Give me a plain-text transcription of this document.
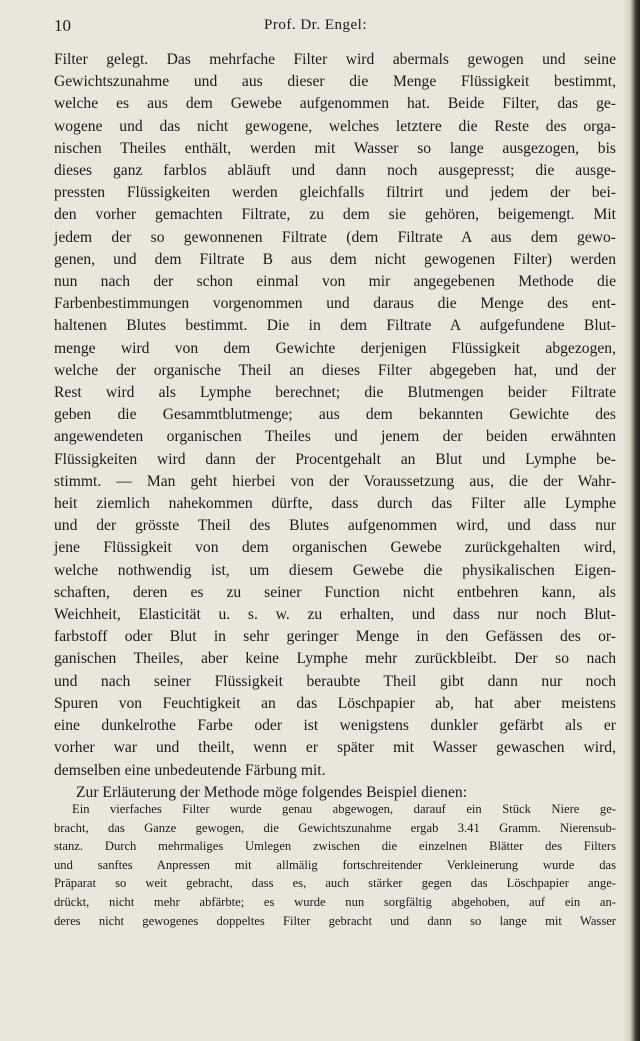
10	Prof. Dr. Engel:
Filter gelegt. Das mehrfache Filter wird abermals gewogen und seine
Gewichtszunahme und aus dieser die Menge Flüssigkeit bestimmt,
welche es aus dem Gewebe aufgenommen hat. Beide Filter, das ge-
wogene und das nicht gewogene, welches letztere die Reste des orga-
nischen Theiles enthält, werden mit Wasser so lange ausgezogen, bis
dieses ganz farblos abläuft und dann noch ausgepresst; die ausge-
pressten Flüssigkeiten werden gleichfalls filtrirt und jedem der bei-
den vorher gemachten Filtrate, zu dem sie gehören, beigemengt. Mit
jedem der so gewonnenen Filtrate (dem Filtrate A aus dem gewo-
genen, und dem Filtrate B aus dem nicht gewogenen Filter) werden
nun nach der schon einmal von mir angegebenen Methode die
Farbenbestimmungen vorgenommen und daraus die Menge des ent-
haltenen Blutes bestimmt. Die in dem Filtrate A aufgefundene Blut-
menge wird von dem Gewichte derjenigen Flüssigkeit abgezogen,
welche der organische Theil an dieses Filter abgegeben hat, und der
Rest wird als Lymphe berechnet; die Blutmengen beider Filtrate
geben die Gesammtblutmenge; aus dem bekannten Gewichte des
angewendeten organischen Theiles und jenem der beiden erwähnten
Flüssigkeiten wird dann der Procentgehalt an Blut und Lymphe be-
stimmt. — Man geht hierbei von der Voraussetzung aus, die der Wahr-
heit ziemlich nahekommen dürfte, dass durch das Filter alle Lymphe
und der grösste Theil des Blutes aufgenommen wird, und dass nur
jene Flüssigkeit von dem organischen Gewebe zurückgehalten wird,
welche nothwendig ist, um diesem Gewebe die physikalischen Eigen-
schaften, deren es zu seiner Function nicht entbehren kann, als
Weichheit, Elasticität u. s. w. zu erhalten, und dass nur noch Blut-
farbstoff oder Blut in sehr geringer Menge in den Gefässen des or-
ganischen Theiles, aber keine Lymphe mehr zurückbleibt. Der so nach
und nach seiner Flüssigkeit beraubte Theil gibt dann nur noch
Spuren von Feuchtigkeit an das Löschpapier ab, hat aber meistens
eine dunkelrothe Farbe oder ist wenigstens dunkler gefärbt als er
vorher war und theilt, wenn er später mit Wasser gewaschen wird,
demselben eine unbedeutende Färbung mit.
Zur Erläuterung der Methode möge folgendes Beispiel dienen:
Ein vierfaches Filter wurde genau abgewogen, darauf ein Stück Niere ge-
bracht, das Ganze gewogen, die Gewichtszunahme ergab 3.41 Gramm. Nierensub-
stanz. Durch mehrmaliges Umlegen zwischen die einzelnen Blätter des Filters
und sanftes Anpressen mit allmälig fortschreitender Verkleinerung wurde das
Präparat so weit gebracht, dass es, auch stärker gegen das Löschpapier ange-
drückt, nicht mehr abfärbte; es wurde nun sorgfältig abgehoben, auf ein an-
deres nicht gewogenes doppeltes Filter gebracht und dann so lange mit Wasser
